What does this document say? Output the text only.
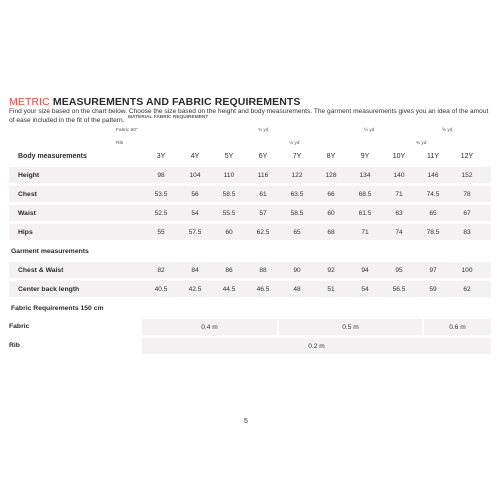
METRIC MEASUREMENTS AND FABRIC REQUIREMENTS

Find your size based on the chart below. Choose the size based on the height and body measurements. The garment measurements gives you an idea of the amout of ease included in the fit of the pattern. MATERIAL FABRIC REQUIREMENT
Fabric 60"
Rib
¾ yd
⅛ yd
½ yd
⅜ yd
⅝ yd
Body measurements	3Y	4Y	5Y	6Y	7Y	8Y	9Y	10Y	11Y	12Y
Height	98	104	110	116	122	128	134	140	146	152
Chest	53.5	56	58.5	61	63.5	66	68.5	71	74.5	78
Waist	52.5	54	55.5	57	58.5	60	61.5	63	65	67
Hips	55	57.5	60	62.5	65	68	71	74	78.5	83
Garment measurements
Chest & Waist	82	84	86	88	90	92	94	95	97	100
Center back length	40.5	42.5	44.5	46.5	48	51	54	56.5	59	62
Fabric Requirements 150 cm
Fabric	0.4 m	0.5 m	0.6 m
Rib	0.2 m
5
